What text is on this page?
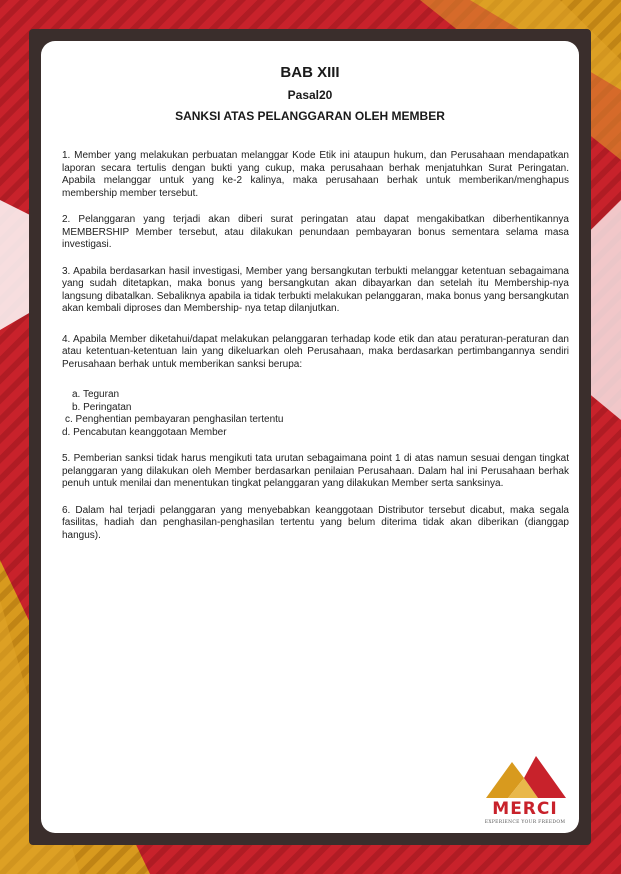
BAB XIII

Pasal20

SANKSI ATAS PELANGGARAN OLEH MEMBER

1. Member yang melakukan perbuatan melanggar Kode Etik ini ataupun hukum, dan Perusahaan mendapatkan laporan secara tertulis dengan bukti yang cukup, maka perusahaan berhak menjatuhkan Surat Peringatan. Apabila melanggar untuk yang ke-2 kalinya, maka perusahaan berhak untuk memberikan/menghapus membership member tersebut.

2. Pelanggaran yang terjadi akan diberi surat peringatan atau dapat mengakibatkan diberhentikannya MEMBERSHIP Member tersebut, atau dilakukan penundaan pembayaran bonus sementara selama masa investigasi.

3. Apabila berdasarkan hasil investigasi, Member yang bersangkutan terbukti melanggar ketentuan sebagaimana yang sudah ditetapkan, maka bonus yang bersangkutan akan dibayarkan dan setelah itu Membership-nya langsung dibatalkan. Sebaliknya apabila ia tidak terbukti melakukan pelanggaran, maka bonus yang bersangkutan akan kembali diproses dan Membership- nya tetap dilanjutkan.

4. Apabila Member diketahui/dapat melakukan pelanggaran terhadap kode etik dan atau peraturan-peraturan dan atau ketentuan-ketentuan lain yang dikeluarkan oleh Perusahaan, maka berdasarkan pertimbangannya sendiri Perusahaan berhak untuk memberikan sanksi berupa:

a. Teguran
b. Peringatan
c. Penghentian pembayaran penghasilan tertentu
d. Pencabutan keanggotaan Member

5. Pemberian sanksi tidak harus mengikuti tata urutan sebagaimana point 1 di atas namun sesuai dengan tingkat pelanggaran yang dilakukan oleh Member berdasarkan penilaian Perusahaan. Dalam hal ini Perusahaan berhak penuh untuk menilai dan menentukan tingkat pelanggaran yang dilakukan Member serta sanksinya.

6. Dalam hal terjadi pelanggaran yang menyebabkan keanggotaan Distributor tersebut dicabut, maka segala fasilitas, hadiah dan penghasilan-penghasilan tertentu yang belum diterima tidak akan diberikan (dianggap hangus).

MERCI
EXPERIENCE YOUR FREEDOM
